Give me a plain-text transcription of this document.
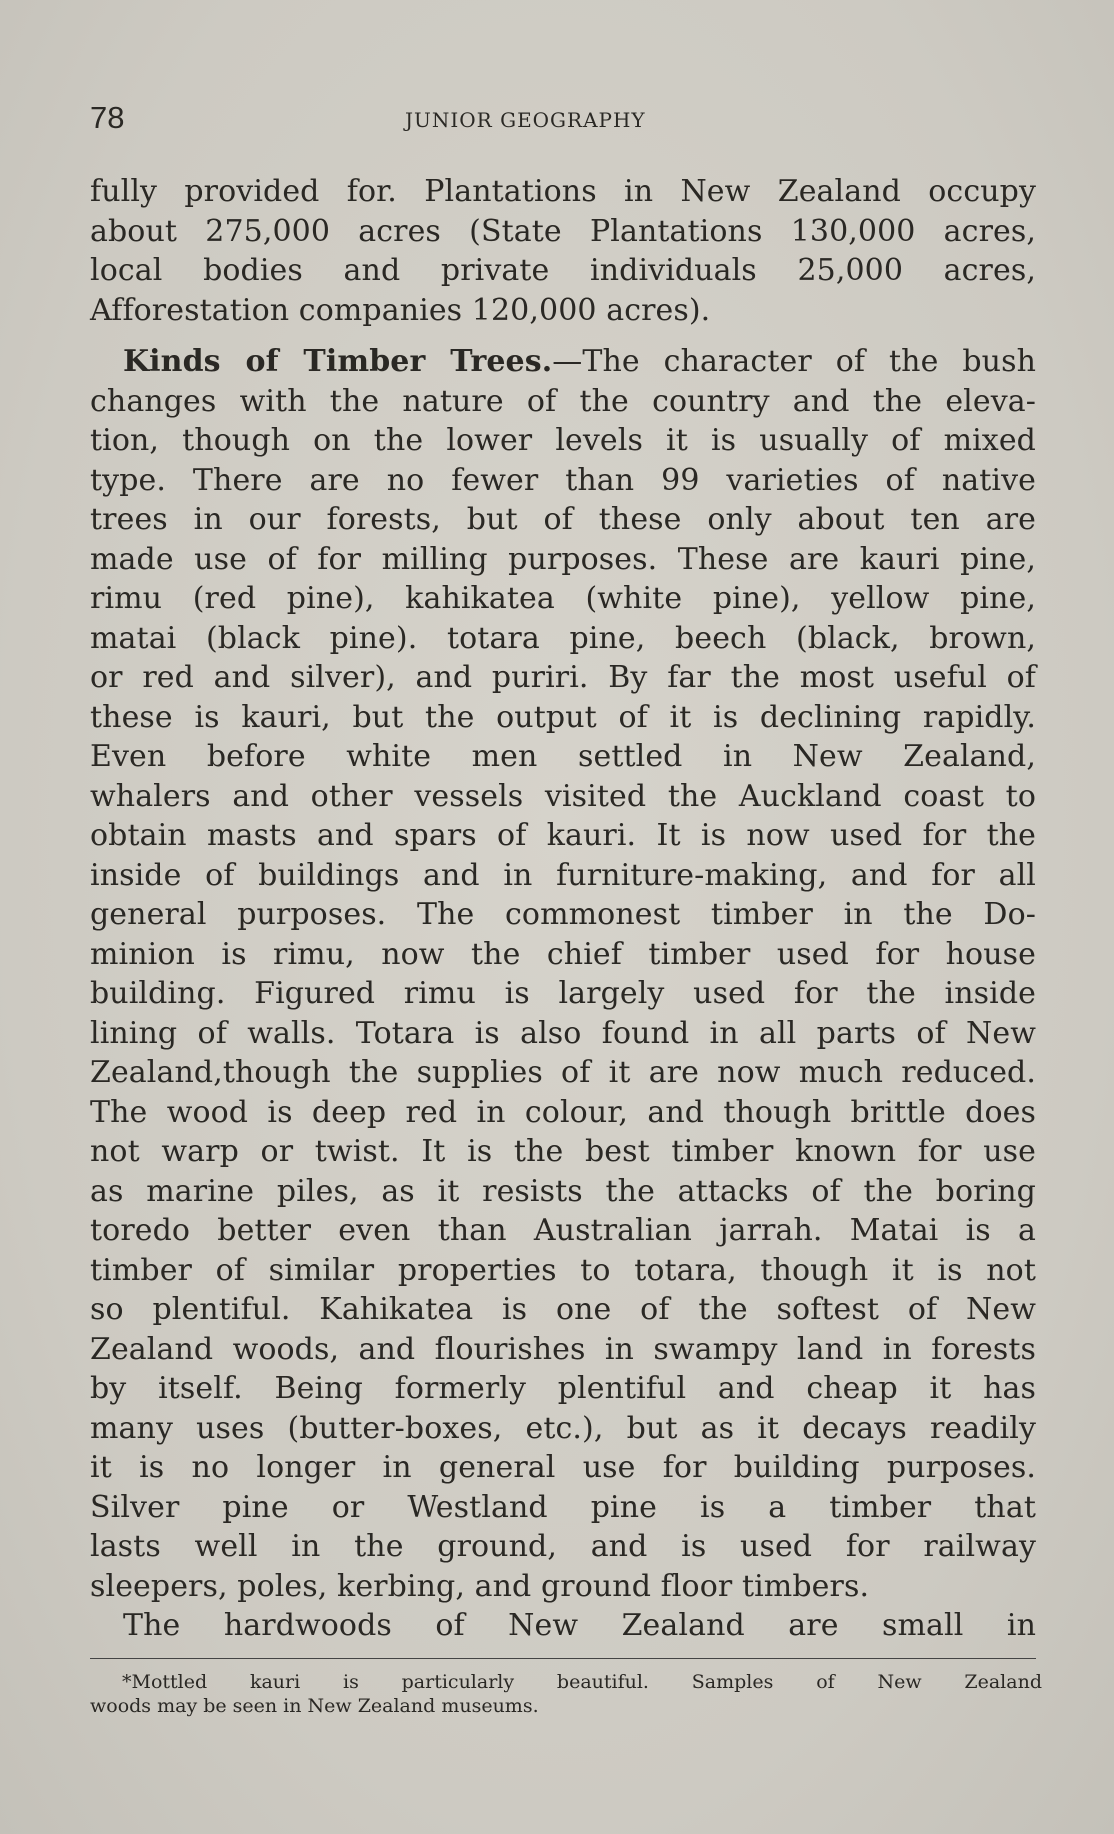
78	JUNIOR GEOGRAPHY
fully provided for. Plantations in New Zealand occupy
about 275,000 acres (State Plantations 130,000 acres,
local bodies and private individuals 25,000 acres,
Afforestation companies 120,000 acres).
Kinds of Timber Trees.—The character of the bush
changes with the nature of the country and the eleva-
tion, though on the lower levels it is usually of mixed
type. There are no fewer than 99 varieties of native
trees in our forests, but of these only about ten are
made use of for milling purposes. These are kauri pine,
rimu (red pine), kahikatea (white pine), yellow pine,
matai (black pine). totara pine, beech (black, brown,
or red and silver), and puriri. By far the most useful of
these is kauri, but the output of it is declining rapidly.
Even before white men settled in New Zealand,
whalers and other vessels visited the Auckland coast to
obtain masts and spars of kauri. It is now used for the
inside of buildings and in furniture-making, and for all
general purposes. The commonest timber in the Do-
minion is rimu, now the chief timber used for house
building. Figured rimu is largely used for the inside
lining of walls. Totara is also found in all parts of New
Zealand,though the supplies of it are now much reduced.
The wood is deep red in colour, and though brittle does
not warp or twist. It is the best timber known for use
as marine piles, as it resists the attacks of the boring
toredo better even than Australian jarrah. Matai is a
timber of similar properties to totara, though it is not
so plentiful. Kahikatea is one of the softest of New
Zealand woods, and flourishes in swampy land in forests
by itself. Being formerly plentiful and cheap it has
many uses (butter-boxes, etc.), but as it decays readily
it is no longer in general use for building purposes.
Silver pine or Westland pine is a timber that
lasts well in the ground, and is used for railway
sleepers, poles, kerbing, and ground floor timbers.
The hardwoods of New Zealand are small in
*Mottled kauri is particularly beautiful. Samples of New Zealand
woods may be seen in New Zealand museums.
